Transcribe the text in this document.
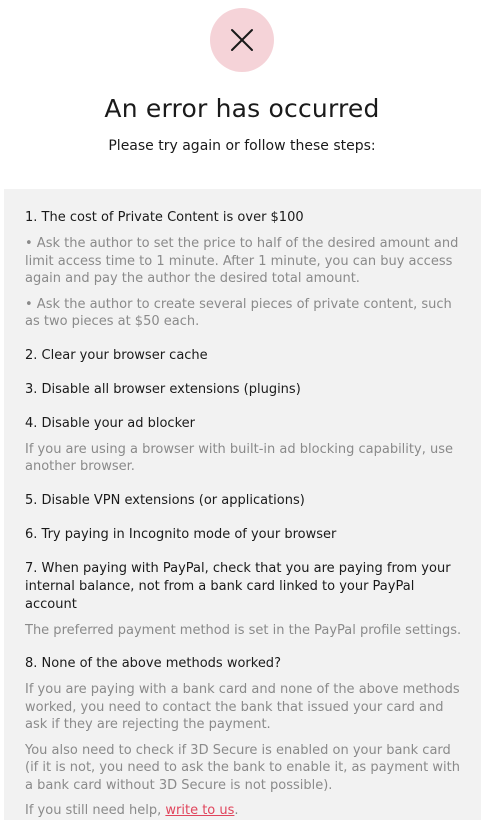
An error has occurred

Please try again or follow these steps:

1. The cost of Private Content is over $100

• Ask the author to set the price to half of the desired amount and limit access time to 1 minute. After 1 minute, you can buy access again and pay the author the desired total amount.

• Ask the author to create several pieces of private content, such as two pieces at $50 each.

2. Clear your browser cache

3. Disable all browser extensions (plugins)

4. Disable your ad blocker

If you are using a browser with built-in ad blocking capability, use another browser.

5. Disable VPN extensions (or applications)

6. Try paying in Incognito mode of your browser

7. When paying with PayPal, check that you are paying from your internal balance, not from a bank card linked to your PayPal account

The preferred payment method is set in the PayPal profile settings.

8. None of the above methods worked?

If you are paying with a bank card and none of the above methods worked, you need to contact the bank that issued your card and ask if they are rejecting the payment.

You also need to check if 3D Secure is enabled on your bank card (if it is not, you need to ask the bank to enable it, as payment with a bank card without 3D Secure is not possible).

If you still need help, write to us.
